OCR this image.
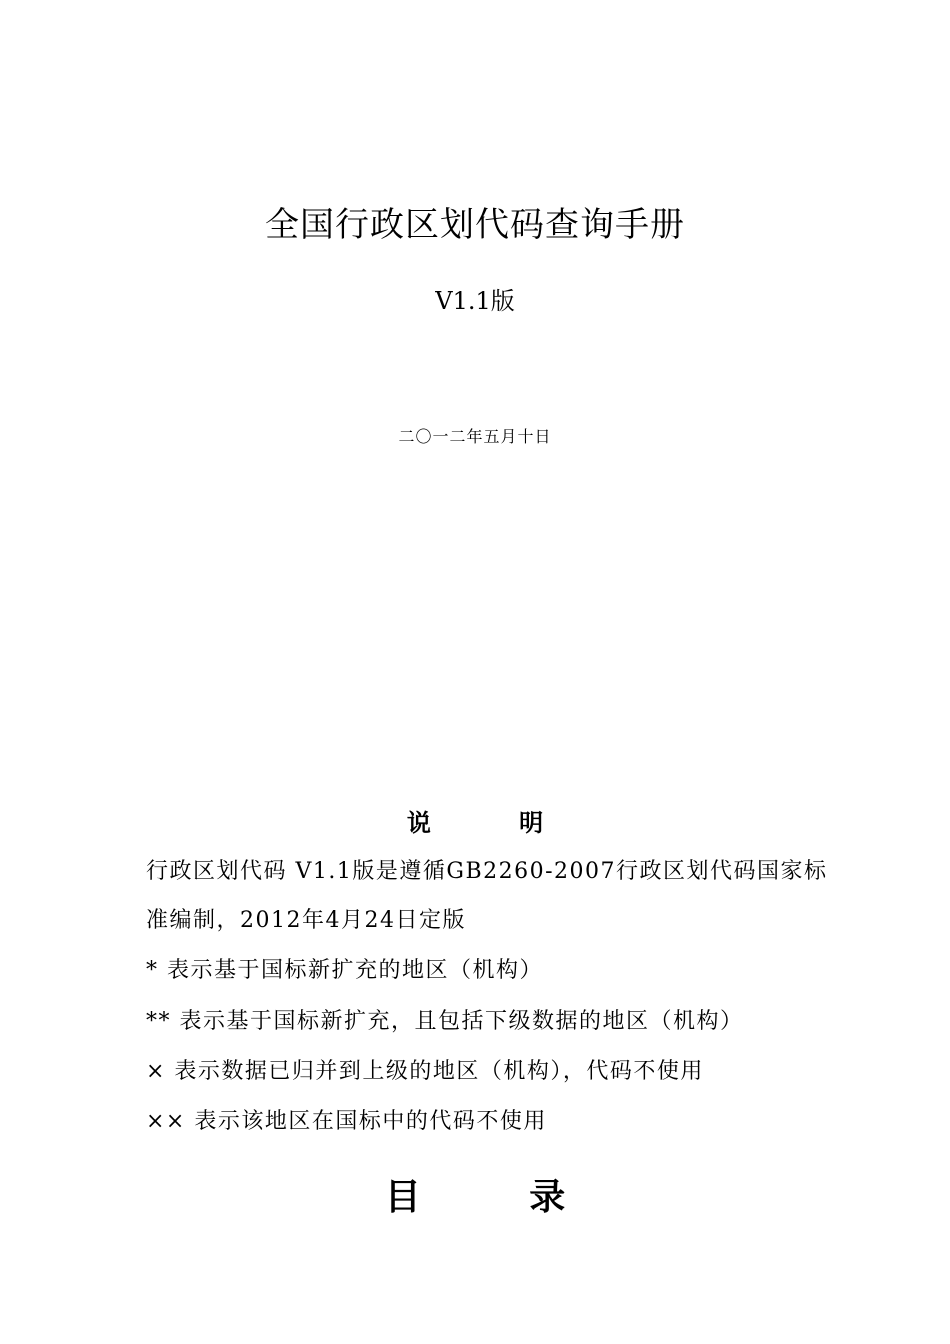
全国行政区划代码查询手册
V1.1版
二〇一二年五月十日
说 明
行政区划代码 V1.1版是遵循GB2260-2007行政区划代码国家标
准编制，2012年4月24日定版
* 表示基于国标新扩充的地区（机构）
** 表示基于国标新扩充，且包括下级数据的地区（机构）
× 表示数据已归并到上级的地区（机构），代码不使用
×× 表示该地区在国标中的代码不使用
目 录
